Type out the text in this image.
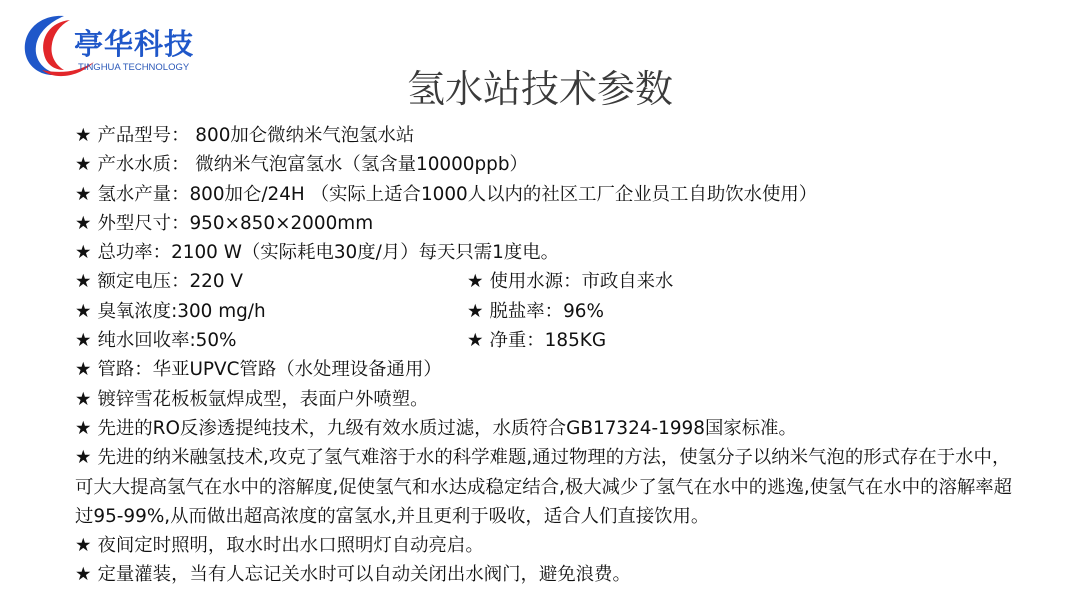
亭华科技
TINGHUA TECHNOLOGY	氢水站技术参数
★ 产品型号： 800加仑微纳米气泡氢水站
★ 产水水质： 微纳米气泡富氢水（氢含量10000ppb）
★ 氢水产量：800加仑/24H （实际上适合1000人以内的社区工厂企业员工自助饮水使用）
★ 外型尺寸：950×850×2000mm
★ 总功率：2100 W（实际耗电30度/月）每天只需1度电。
★ 额定电压：220 V	★ 使用水源：市政自来水
★ 臭氧浓度:300 mg/h	★ 脱盐率：96%
★ 纯水回收率:50%	★ 净重：185KG
★ 管路：华亚UPVC管路（水处理设备通用）
★ 镀锌雪花板板氩焊成型，表面户外喷塑。
★ 先进的RO反渗透提纯技术，九级有效水质过滤，水质符合GB17324-1998国家标准。
★ 先进的纳米融氢技术,攻克了氢气难溶于水的科学难题,通过物理的方法，使氢分子以纳米气泡的形式存在于水中，可大大提高氢气在水中的溶解度,促使氢气和水达成稳定结合,极大减少了氢气在水中的逃逸,使氢气在水中的溶解率超过95-99%,从而做出超高浓度的富氢水,并且更利于吸收，适合人们直接饮用。
★ 夜间定时照明，取水时出水口照明灯自动亮启。
★ 定量灌装，当有人忘记关水时可以自动关闭出水阀门，避免浪费。
